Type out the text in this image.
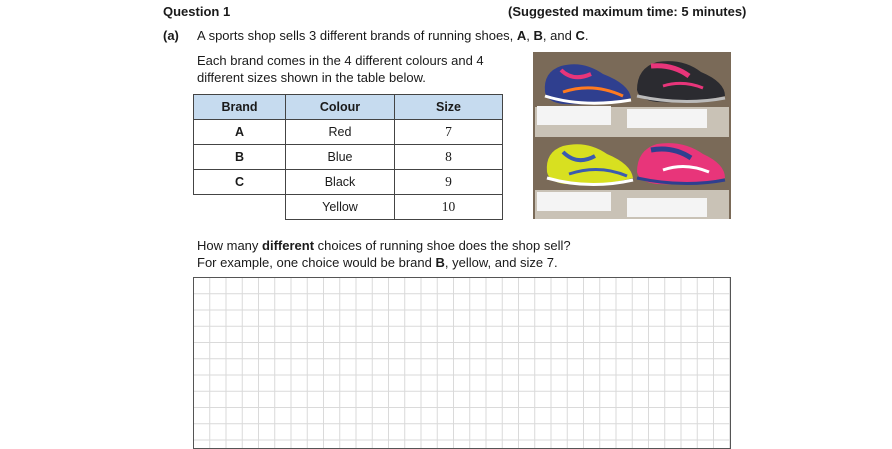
Question 1	(Suggested maximum time: 5 minutes)
(a) A sports shop sells 3 different brands of running shoes, A, B, and C.
Each brand comes in the 4 different colours and 4
different sizes shown in the table below.
Brand	Colour	Size
A	Red	7
B	Blue	8
C	Black	9
	Yellow	10
How many different choices of running shoe does the shop sell?
For example, one choice would be brand B, yellow, and size 7.
